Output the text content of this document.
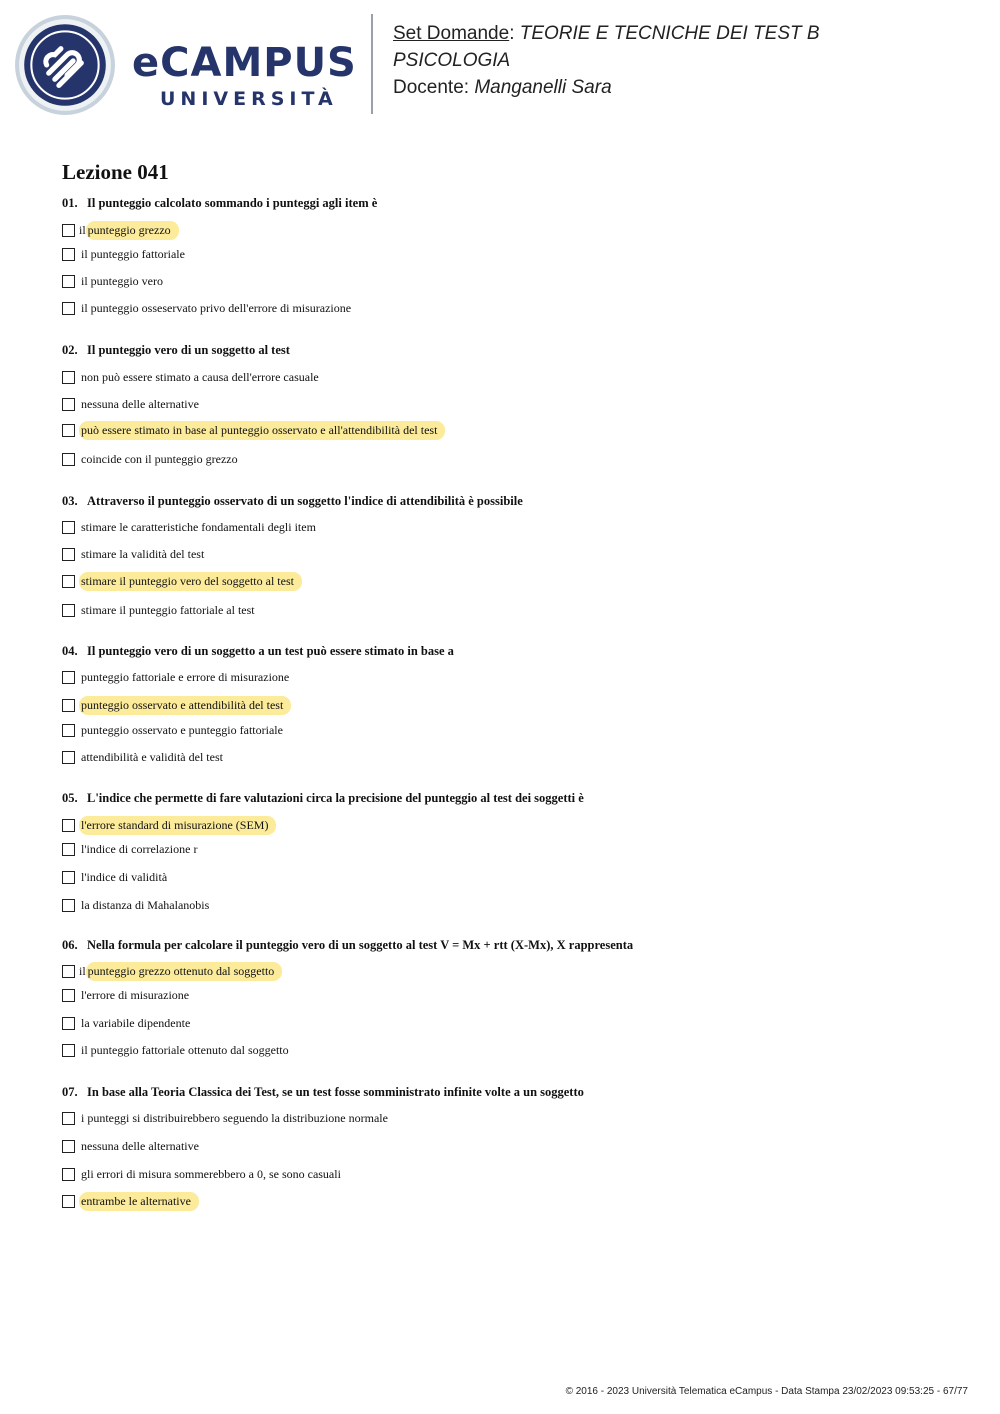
eCAMPUS
UNIVERSITÀ
Set Domande: TEORIE E TECNICHE DEI TEST B
PSICOLOGIA
Docente: Manganelli Sara
Lezione 041
01. Il punteggio calcolato sommando i punteggi agli item è
il punteggio grezzo
il punteggio fattoriale
il punteggio vero
il punteggio osseservato privo dell'errore di misurazione
02. Il punteggio vero di un soggetto al test
non può essere stimato a causa dell'errore casuale
nessuna delle alternative
può essere stimato in base al punteggio osservato e all'attendibilità del test
coincide con il punteggio grezzo
03. Attraverso il punteggio osservato di un soggetto l'indice di attendibilità è possibile
stimare le caratteristiche fondamentali degli item
stimare la validità del test
stimare il punteggio vero del soggetto al test
stimare il punteggio fattoriale al test
04. Il punteggio vero di un soggetto a un test può essere stimato in base a
punteggio fattoriale e errore di misurazione
punteggio osservato e attendibilità del test
punteggio osservato e punteggio fattoriale
attendibilità e validità del test
05. L'indice che permette di fare valutazioni circa la precisione del punteggio al test dei soggetti è
l'errore standard di misurazione (SEM)
l'indice di correlazione r
l'indice di validità
la distanza di Mahalanobis
06. Nella formula per calcolare il punteggio vero di un soggetto al test V = Mx + rtt (X-Mx), X rappresenta
il punteggio grezzo ottenuto dal soggetto
l'errore di misurazione
la variabile dipendente
il punteggio fattoriale ottenuto dal soggetto
07. In base alla Teoria Classica dei Test, se un test fosse somministrato infinite volte a un soggetto
i punteggi si distribuirebbero seguendo la distribuzione normale
nessuna delle alternative
gli errori di misura sommerebbero a 0, se sono casuali
entrambe le alternative
© 2016 - 2023 Università Telematica eCampus - Data Stampa 23/02/2023 09:53:25 - 67/77
